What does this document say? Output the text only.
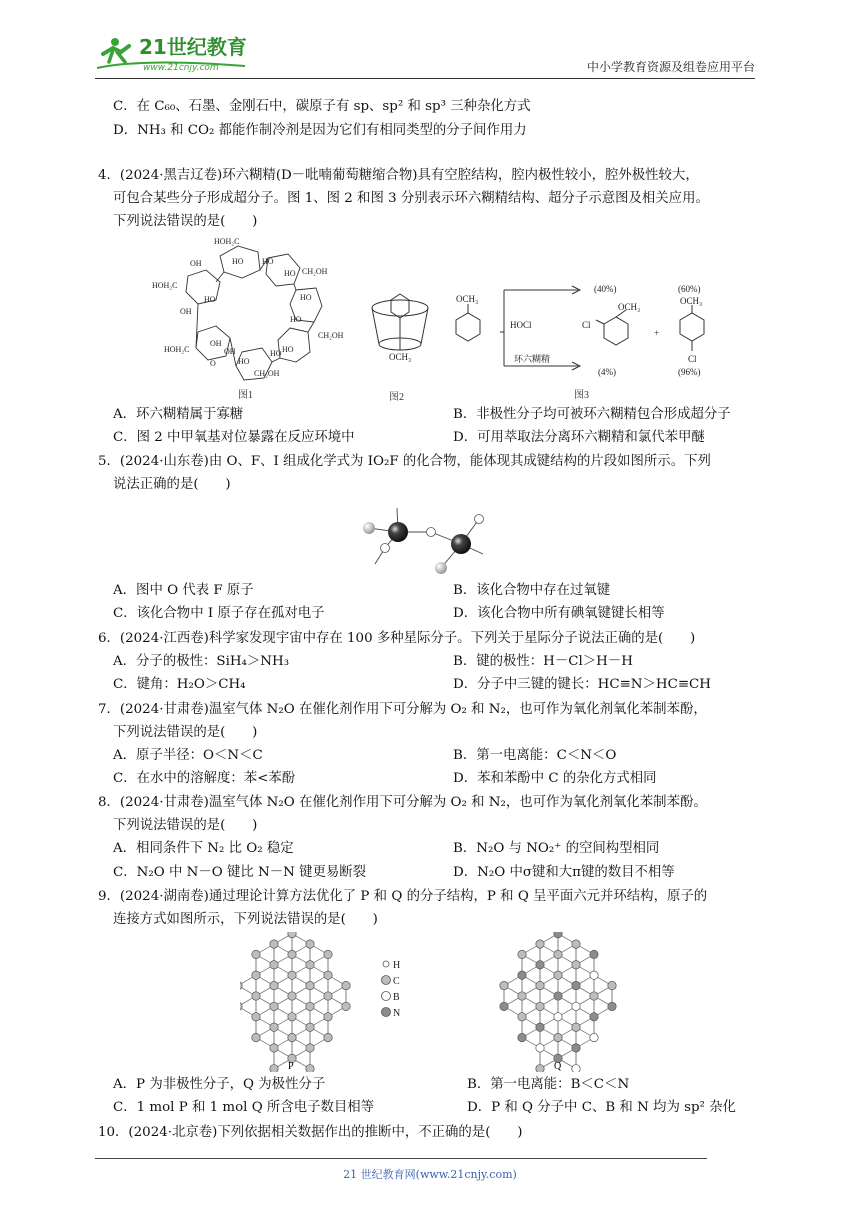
21世纪教育
www.21cnjy.com	中小学教育资源及组卷应用平台
C．在 C₆₀、石墨、金刚石中，碳原子有 sp、sp² 和 sp³ 三种杂化方式
D．NH₃ 和 CO₂ 都能作制冷剂是因为它们有相同类型的分子间作用力
4．(2024·黑吉辽卷)环六糊精(D－吡喃葡萄糖缩合物)具有空腔结构，腔内极性较小，腔外极性较大，
可包合某些分子形成超分子。图 1、图 2 和图 3 分别表示环六糊精结构、超分子示意图及相关应用。
下列说法错误的是(　　)
HOH₂C
HO HO
OH
HO CH₂OH
HOH₂C
HO
OH
HO
HO
CH₂OH
HOH₂C
OH
HO
CH₂OH
OH	HO HO
O
图1
OCH₃
图2
OCH₃
HOCl
环六糊精
(40%)
(4%)
OCH₃
Cl
+
(60%)
(96%)
OCH₃
Cl
图3
A．环六糊精属于寡糖	B．非极性分子均可被环六糊精包合形成超分子
C．图 2 中甲氧基对位暴露在反应环境中	D．可用萃取法分离环六糊精和氯代苯甲醚
5．(2024·山东卷)由 O、F、I 组成化学式为 IO₂F 的化合物，能体现其成键结构的片段如图所示。下列
说法正确的是(　　)
A．图中 O 代表 F 原子	B．该化合物中存在过氧键
C．该化合物中 I 原子存在孤对电子	D．该化合物中所有碘氧键键长相等
6．(2024·江西卷)科学家发现宇宙中存在 100 多种星际分子。下列关于星际分子说法正确的是(　　)
A．分子的极性：SiH₄＞NH₃	B．键的极性：H－Cl＞H－H
C．键角：H₂O＞CH₄	D．分子中三键的键长：HC≡N＞HC≡CH
7．(2024·甘肃卷)温室气体 N₂O 在催化剂作用下可分解为 O₂ 和 N₂，也可作为氧化剂氧化苯制苯酚，
下列说法错误的是(　　)
A．原子半径：O＜N＜C	B．第一电离能：C＜N＜O
C．在水中的溶解度：苯<苯酚	D．苯和苯酚中 C 的杂化方式相同
8．(2024·甘肃卷)温室气体 N₂O 在催化剂作用下可分解为 O₂ 和 N₂，也可作为氧化剂氧化苯制苯酚。
下列说法错误的是(　　)
A．相同条件下 N₂ 比 O₂ 稳定	B．N₂O 与 NO₂⁺ 的空间构型相同
C．N₂O 中 N－O 键比 N－N 键更易断裂	D．N₂O 中σ键和大π键的数目不相等
9．(2024·湖南卷)通过理论计算方法优化了 P 和 Q 的分子结构，P 和 Q 呈平面六元并环结构，原子的
连接方式如图所示，下列说法错误的是(　　)
H
C
B
N
P	Q
A．P 为非极性分子，Q 为极性分子	B．第一电离能：B＜C＜N
C．1 mol P 和 1 mol Q 所含电子数目相等	D．P 和 Q 分子中 C、B 和 N 均为 sp² 杂化
10．(2024·北京卷)下列依据相关数据作出的推断中，不正确的是(　　)
21 世纪教育网(www.21cnjy.com)
